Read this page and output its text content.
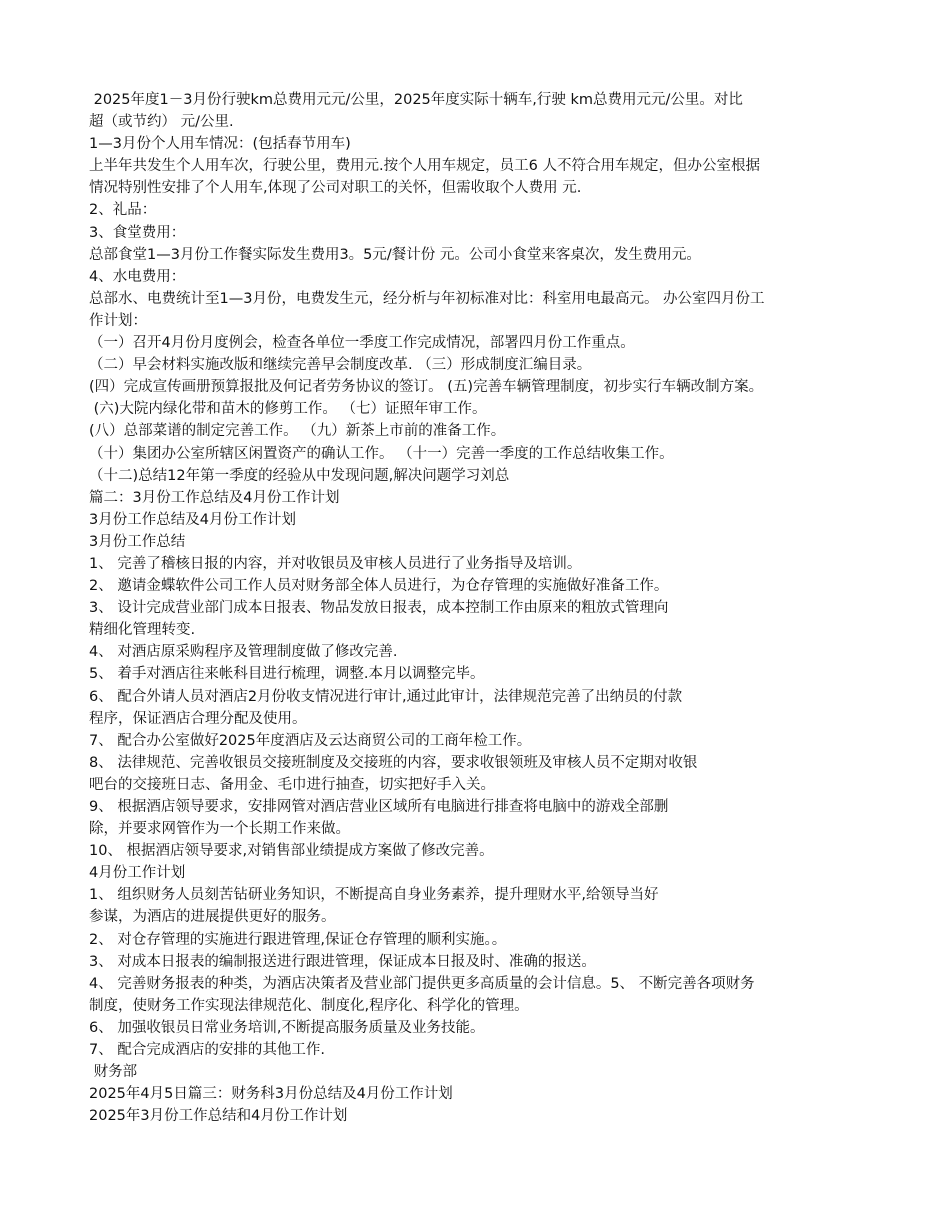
2025年度1－3月份行驶km总费用元元/公里，2025年度实际十辆车,行驶 km总费用元元/公里。对比
超（或节约） 元/公里.
1—3月份个人用车情况：(包括春节用车)
上半年共发生个人用车次，行驶公里，费用元.按个人用车规定，员工6 人不符合用车规定，但办公室根据
情况特别性安排了个人用车,体现了公司对职工的关怀，但需收取个人费用 元.
2、礼品：
3、食堂费用：
总部食堂1—3月份工作餐实际发生费用3。5元/餐计份 元。公司小食堂来客桌次，发生费用元。
4、水电费用：
总部水、电费统计至1—3月份，电费发生元，经分析与年初标准对比：科室用电最高元。 办公室四月份工
作计划：
（一）召开4月份月度例会，检查各单位一季度工作完成情况，部署四月份工作重点。
（二）早会材料实施改版和继续完善早会制度改革. （三）形成制度汇编目录。
(四）完成宣传画册预算报批及何记者劳务协议的签订。 (五)完善车辆管理制度，初步实行车辆改制方案。
(六)大院内绿化带和苗木的修剪工作。 （七）证照年审工作。
(八）总部菜谱的制定完善工作。 （九）新茶上市前的准备工作。
（十）集团办公室所辖区闲置资产的确认工作。 （十一）完善一季度的工作总结收集工作。
（十二)总结12年第一季度的经验从中发现问题,解决问题学习刘总
篇二：3月份工作总结及4月份工作计划
3月份工作总结及4月份工作计划
3月份工作总结
1、 完善了稽核日报的内容，并对收银员及审核人员进行了业务指导及培训。
2、 邀请金蝶软件公司工作人员对财务部全体人员进行，为仓存管理的实施做好准备工作。
3、 设计完成营业部门成本日报表、物品发放日报表，成本控制工作由原来的粗放式管理向
精细化管理转变.
4、 对酒店原采购程序及管理制度做了修改完善.
5、 着手对酒店往来帐科目进行梳理，调整.本月以调整完毕。
6、 配合外请人员对酒店2月份收支情况进行审计,通过此审计，法律规范完善了出纳员的付款
程序，保证酒店合理分配及使用。
7、 配合办公室做好2025年度酒店及云达商贸公司的工商年检工作。
8、 法律规范、完善收银员交接班制度及交接班的内容，要求收银领班及审核人员不定期对收银
吧台的交接班日志、备用金、毛巾进行抽查，切实把好手入关。
9、 根据酒店领导要求，安排网管对酒店营业区域所有电脑进行排查将电脑中的游戏全部删
除，并要求网管作为一个长期工作来做。
10、 根据酒店领导要求,对销售部业绩提成方案做了修改完善。
4月份工作计划
1、 组织财务人员刻苦钻研业务知识，不断提高自身业务素养，提升理财水平,给领导当好
参谋，为酒店的进展提供更好的服务。
2、 对仓存管理的实施进行跟进管理,保证仓存管理的顺利实施。。
3、 对成本日报表的编制报送进行跟进管理，保证成本日报及时、准确的报送。
4、 完善财务报表的种类，为酒店决策者及营业部门提供更多高质量的会计信息。5、 不断完善各项财务
制度，使财务工作实现法律规范化、制度化,程序化、科学化的管理。
6、 加强收银员日常业务培训,不断提高服务质量及业务技能。
7、 配合完成酒店的安排的其他工作.
财务部
2025年4月5日篇三：财务科3月份总结及4月份工作计划
2025年3月份工作总结和4月份工作计划
